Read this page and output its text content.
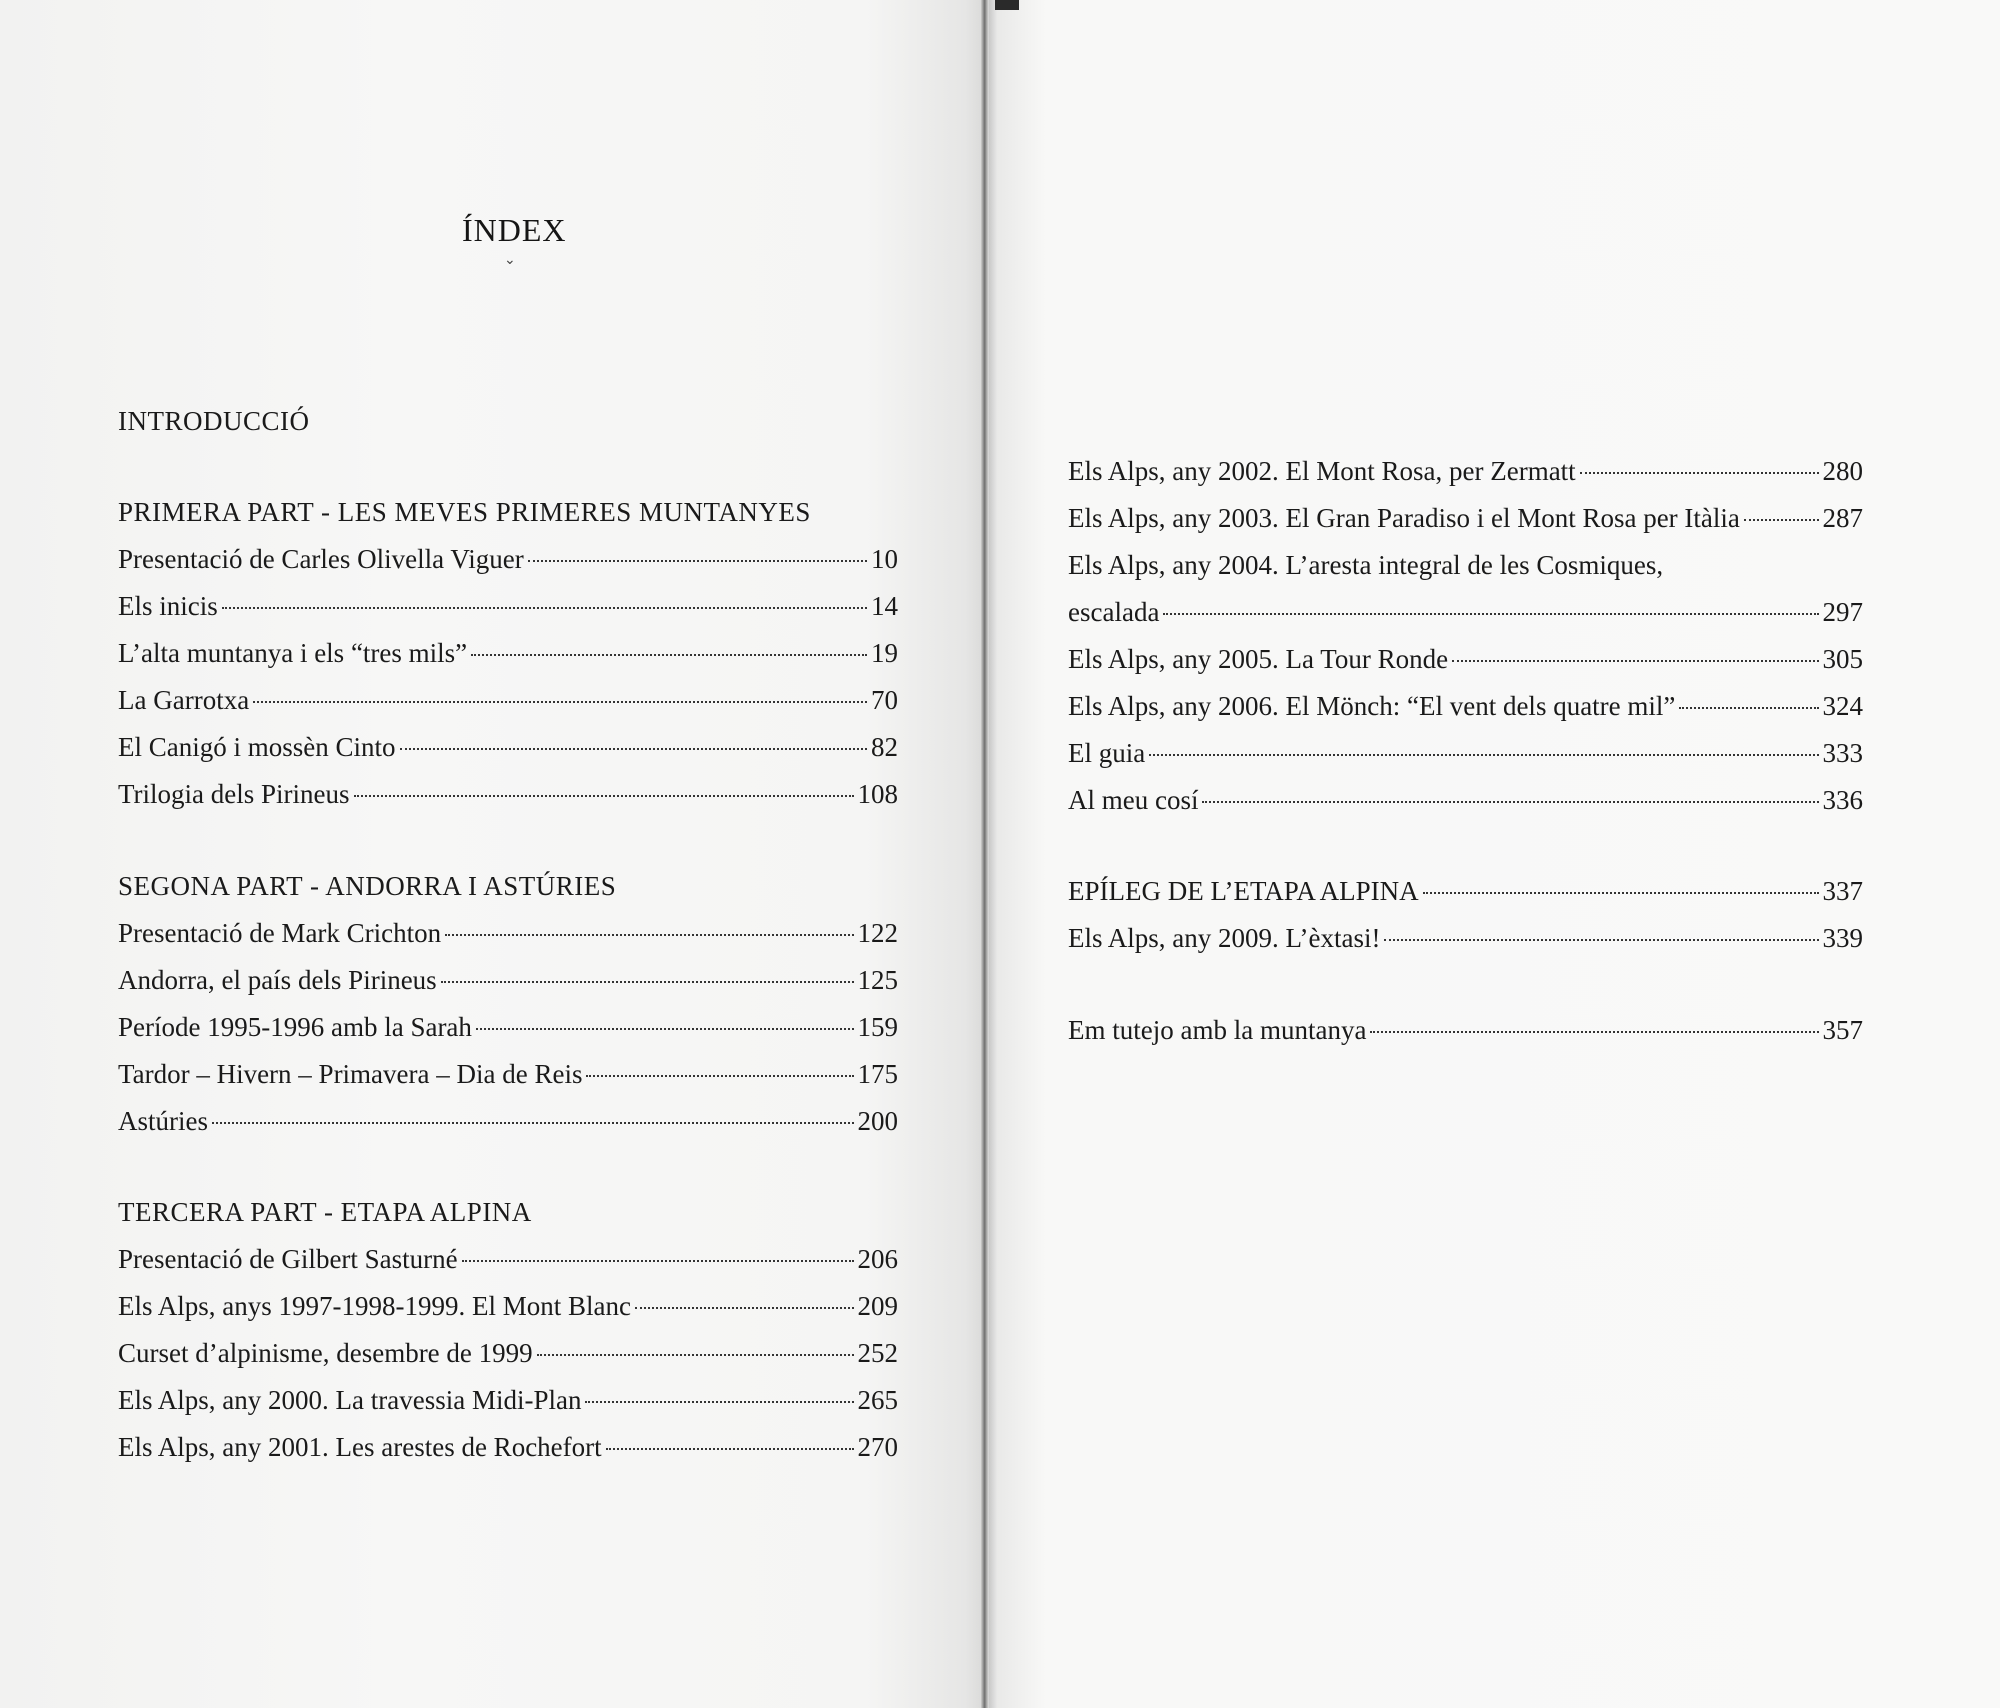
ÍNDEX
⌄
INTRODUCCIÓ
PRIMERA PART - LES MEVES PRIMERES MUNTANYES
Presentació de Carles Olivella Viguer	10
Els inicis	14
L’alta muntanya i els “tres mils”	19
La Garrotxa	70
El Canigó i mossèn Cinto	82
Trilogia dels Pirineus	108
SEGONA PART - ANDORRA I ASTÚRIES
Presentació de Mark Crichton	122
Andorra, el país dels Pirineus	125
Període 1995-1996 amb la Sarah	159
Tardor – Hivern – Primavera – Dia de Reis	175
Astúries	200
TERCERA PART - ETAPA ALPINA
Presentació de Gilbert Sasturné	206
Els Alps, anys 1997-1998-1999. El Mont Blanc	209
Curset d’alpinisme, desembre de 1999	252
Els Alps, any 2000. La travessia Midi-Plan	265
Els Alps, any 2001. Les arestes de Rochefort	270
Els Alps, any 2002. El Mont Rosa, per Zermatt	280
Els Alps, any 2003. El Gran Paradiso i el Mont Rosa per Itàlia	287
Els Alps, any 2004. L’aresta integral de les Cosmiques,
escalada	297
Els Alps, any 2005. La Tour Ronde	305
Els Alps, any 2006. El Mönch: “El vent dels quatre mil”	324
El guia	333
Al meu cosí	336
EPÍLEG DE L’ETAPA ALPINA	337
Els Alps, any 2009. L’èxtasi!	339
Em tutejo amb la muntanya	357
